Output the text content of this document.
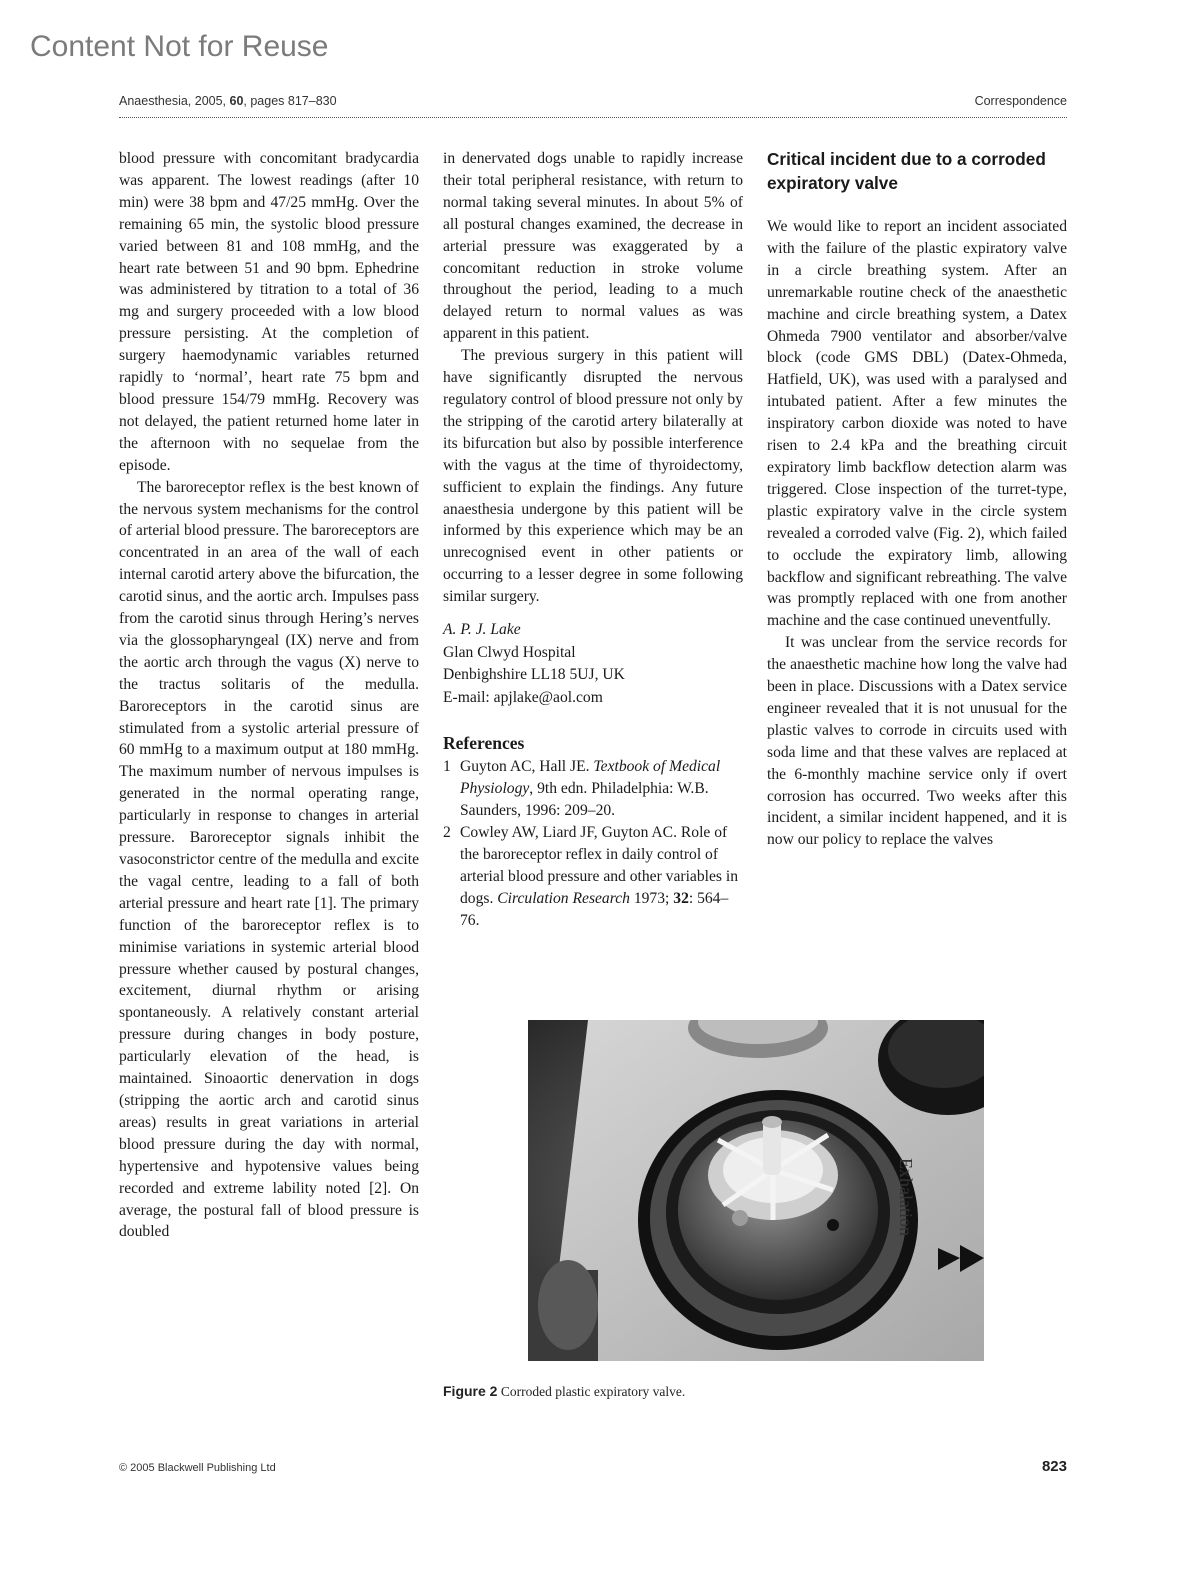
Content Not for Reuse
Anaesthesia, 2005, 60, pages 817–830	Correspondence

blood pressure with concomitant bradycardia was apparent. The lowest readings (after 10 min) were 38 bpm and 47/25 mmHg. Over the remaining 65 min, the systolic blood pressure varied between 81 and 108 mmHg, and the heart rate between 51 and 90 bpm. Ephedrine was administered by titration to a total of 36 mg and surgery proceeded with a low blood pressure persisting. At the completion of surgery haemodynamic variables returned rapidly to ‘normal’, heart rate 75 bpm and blood pressure 154/79 mmHg. Recovery was not delayed, the patient returned home later in the afternoon with no sequelae from the episode.

The baroreceptor reflex is the best known of the nervous system mechanisms for the control of arterial blood pressure. The baroreceptors are concentrated in an area of the wall of each internal carotid artery above the bifurcation, the carotid sinus, and the aortic arch. Impulses pass from the carotid sinus through Hering’s nerves via the glossopharyngeal (IX) nerve and from the aortic arch through the vagus (X) nerve to the tractus solitaris of the medulla. Baroreceptors in the carotid sinus are stimulated from a systolic arterial pressure of 60 mmHg to a maximum output at 180 mmHg. The maximum number of nervous impulses is generated in the normal operating range, particularly in response to changes in arterial pressure. Baroreceptor signals inhibit the vasoconstrictor centre of the medulla and excite the vagal centre, leading to a fall of both arterial pressure and heart rate [1]. The primary function of the baroreceptor reflex is to minimise variations in systemic arterial blood pressure whether caused by postural changes, excitement, diurnal rhythm or arising spontaneously. A relatively constant arterial pressure during changes in body posture, particularly elevation of the head, is maintained. Sinoaortic denervation in dogs (stripping the aortic arch and carotid sinus areas) results in great variations in arterial blood pressure during the day with normal, hypertensive and hypotensive values being recorded and extreme lability noted [2]. On average, the postural fall of blood pressure is doubled

in denervated dogs unable to rapidly increase their total peripheral resistance, with return to normal taking several minutes. In about 5% of all postural changes examined, the decrease in arterial pressure was exaggerated by a concomitant reduction in stroke volume throughout the period, leading to a much delayed return to normal values as was apparent in this patient.

The previous surgery in this patient will have significantly disrupted the nervous regulatory control of blood pressure not only by the stripping of the carotid artery bilaterally at its bifurcation but also by possible interference with the vagus at the time of thyroidectomy, sufficient to explain the findings. Any future anaesthesia undergone by this patient will be informed by this experience which may be an unrecognised event in other patients or occurring to a lesser degree in some following similar surgery.

A. P. J. Lake
Glan Clwyd Hospital
Denbighshire LL18 5UJ, UK
E-mail: apjlake@aol.com
References
1 Guyton AC, Hall JE. Textbook of Medical Physiology, 9th edn. Philadelphia: W.B. Saunders, 1996: 209–20.
2 Cowley AW, Liard JF, Guyton AC. Role of the baroreceptor reflex in daily control of arterial blood pressure and other variables in dogs. Circulation Research 1973; 32: 564–76.
Critical incident due to a corroded expiratory valve

We would like to report an incident associated with the failure of the plastic expiratory valve in a circle breathing system. After an unremarkable routine check of the anaesthetic machine and circle breathing system, a Datex Ohmeda 7900 ventilator and absorber/valve block (code GMS DBL) (Datex-Ohmeda, Hatfield, UK), was used with a paralysed and intubated patient. After a few minutes the inspiratory carbon dioxide was noted to have risen to 2.4 kPa and the breathing circuit expiratory limb backflow detection alarm was triggered. Close inspection of the turret-type, plastic expiratory valve in the circle system revealed a corroded valve (Fig. 2), which failed to occlude the expiratory limb, allowing backflow and significant rebreathing. The valve was promptly replaced with one from another machine and the case continued uneventfully.

It was unclear from the service records for the anaesthetic machine how long the valve had been in place. Discussions with a Datex service engineer revealed that it is not unusual for the plastic valves to corrode in circuits used with soda lime and that these valves are replaced at the 6-monthly machine service only if overt corrosion has occurred. Two weeks after this incident, a similar incident happened, and it is now our policy to replace the valves

Exhalation
Figure 2 Corroded plastic expiratory valve.
© 2005 Blackwell Publishing Ltd	823
